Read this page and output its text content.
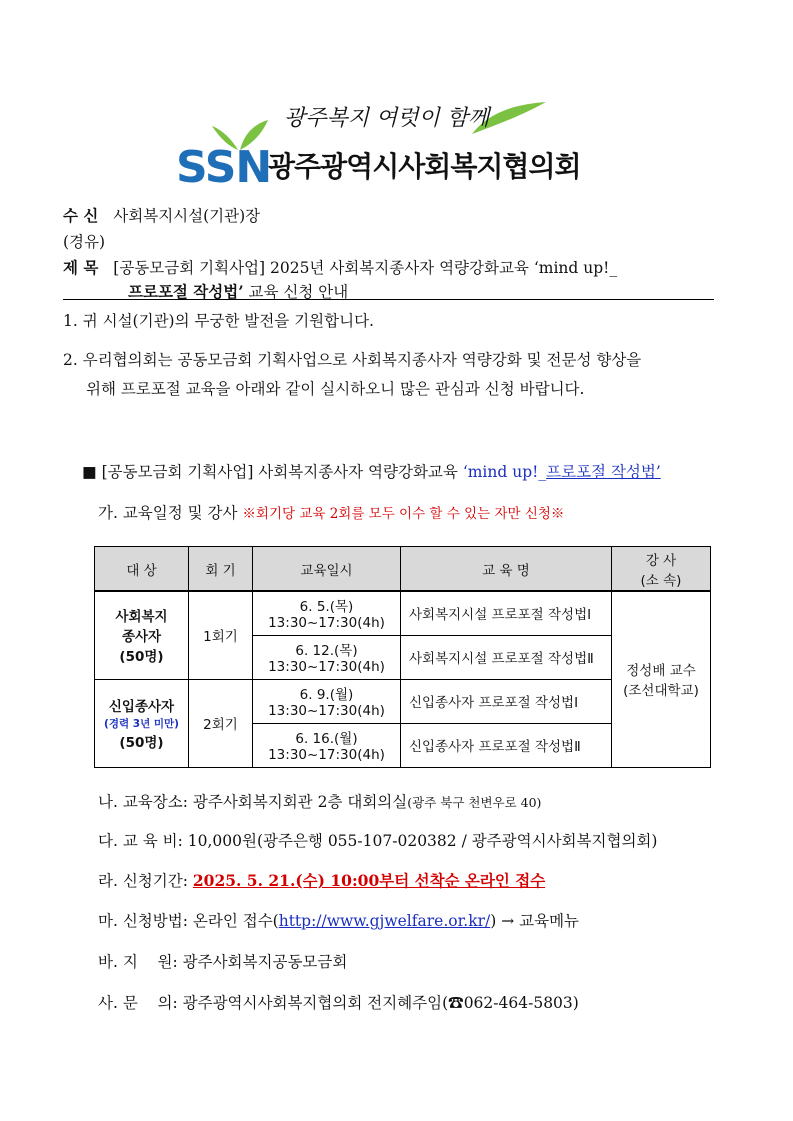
광주복지 여럿이 함께
SSN
광주광역시사회복지협의회
수 신 사회복지시설(기관)장
(경유)
제 목 [공동모금회 기획사업] 2025년 사회복지종사자 역량강화교육 ‘mind up!_
프로포절 작성법’ 교육 신청 안내
1. 귀 시설(기관)의 무궁한 발전을 기원합니다.
2. 우리협의회는 공동모금회 기획사업으로 사회복지종사자 역량강화 및 전문성 향상을
위해 프로포절 교육을 아래와 같이 실시하오니 많은 관심과 신청 바랍니다.
■ [공동모금회 기획사업] 사회복지종사자 역량강화교육 ‘mind up!_프로포절 작성법’
가. 교육일정 및 강사 ※회기당 교육 2회를 모두 이수 할 수 있는 자만 신청※
대 상	회 기	교육일시	교 육 명	강 사
(소 속)
사회복지
종사자
(50명)	1회기	6. 5.(목)
13:30~17:30(4h)	사회복지시설 프로포절 작성법Ⅰ	정성배 교수
(조선대학교)
		6. 12.(목)
13:30~17:30(4h)	사회복지시설 프로포절 작성법Ⅱ	
신입종사자
(경력 3년 미만)
(50명)	2회기	6. 9.(월)
13:30~17:30(4h)	신입종사자 프로포절 작성법Ⅰ	
		6. 16.(월)
13:30~17:30(4h)	신입종사자 프로포절 작성법Ⅱ	
나. 교육장소: 광주사회복지회관 2층 대회의실(광주 북구 천변우로 40)
다. 교 육 비: 10,000원(광주은행 055-107-020382 / 광주광역시사회복지협의회)
라. 신청기간: 2025. 5. 21.(수) 10:00부터 선착순 온라인 접수
마. 신청방법: 온라인 접수(http://www.gjwelfare.or.kr/) → 교육메뉴
바. 지    원: 광주사회복지공동모금회
사. 문    의: 광주광역시사회복지협의회 전지혜주임(☎062-464-5803)
